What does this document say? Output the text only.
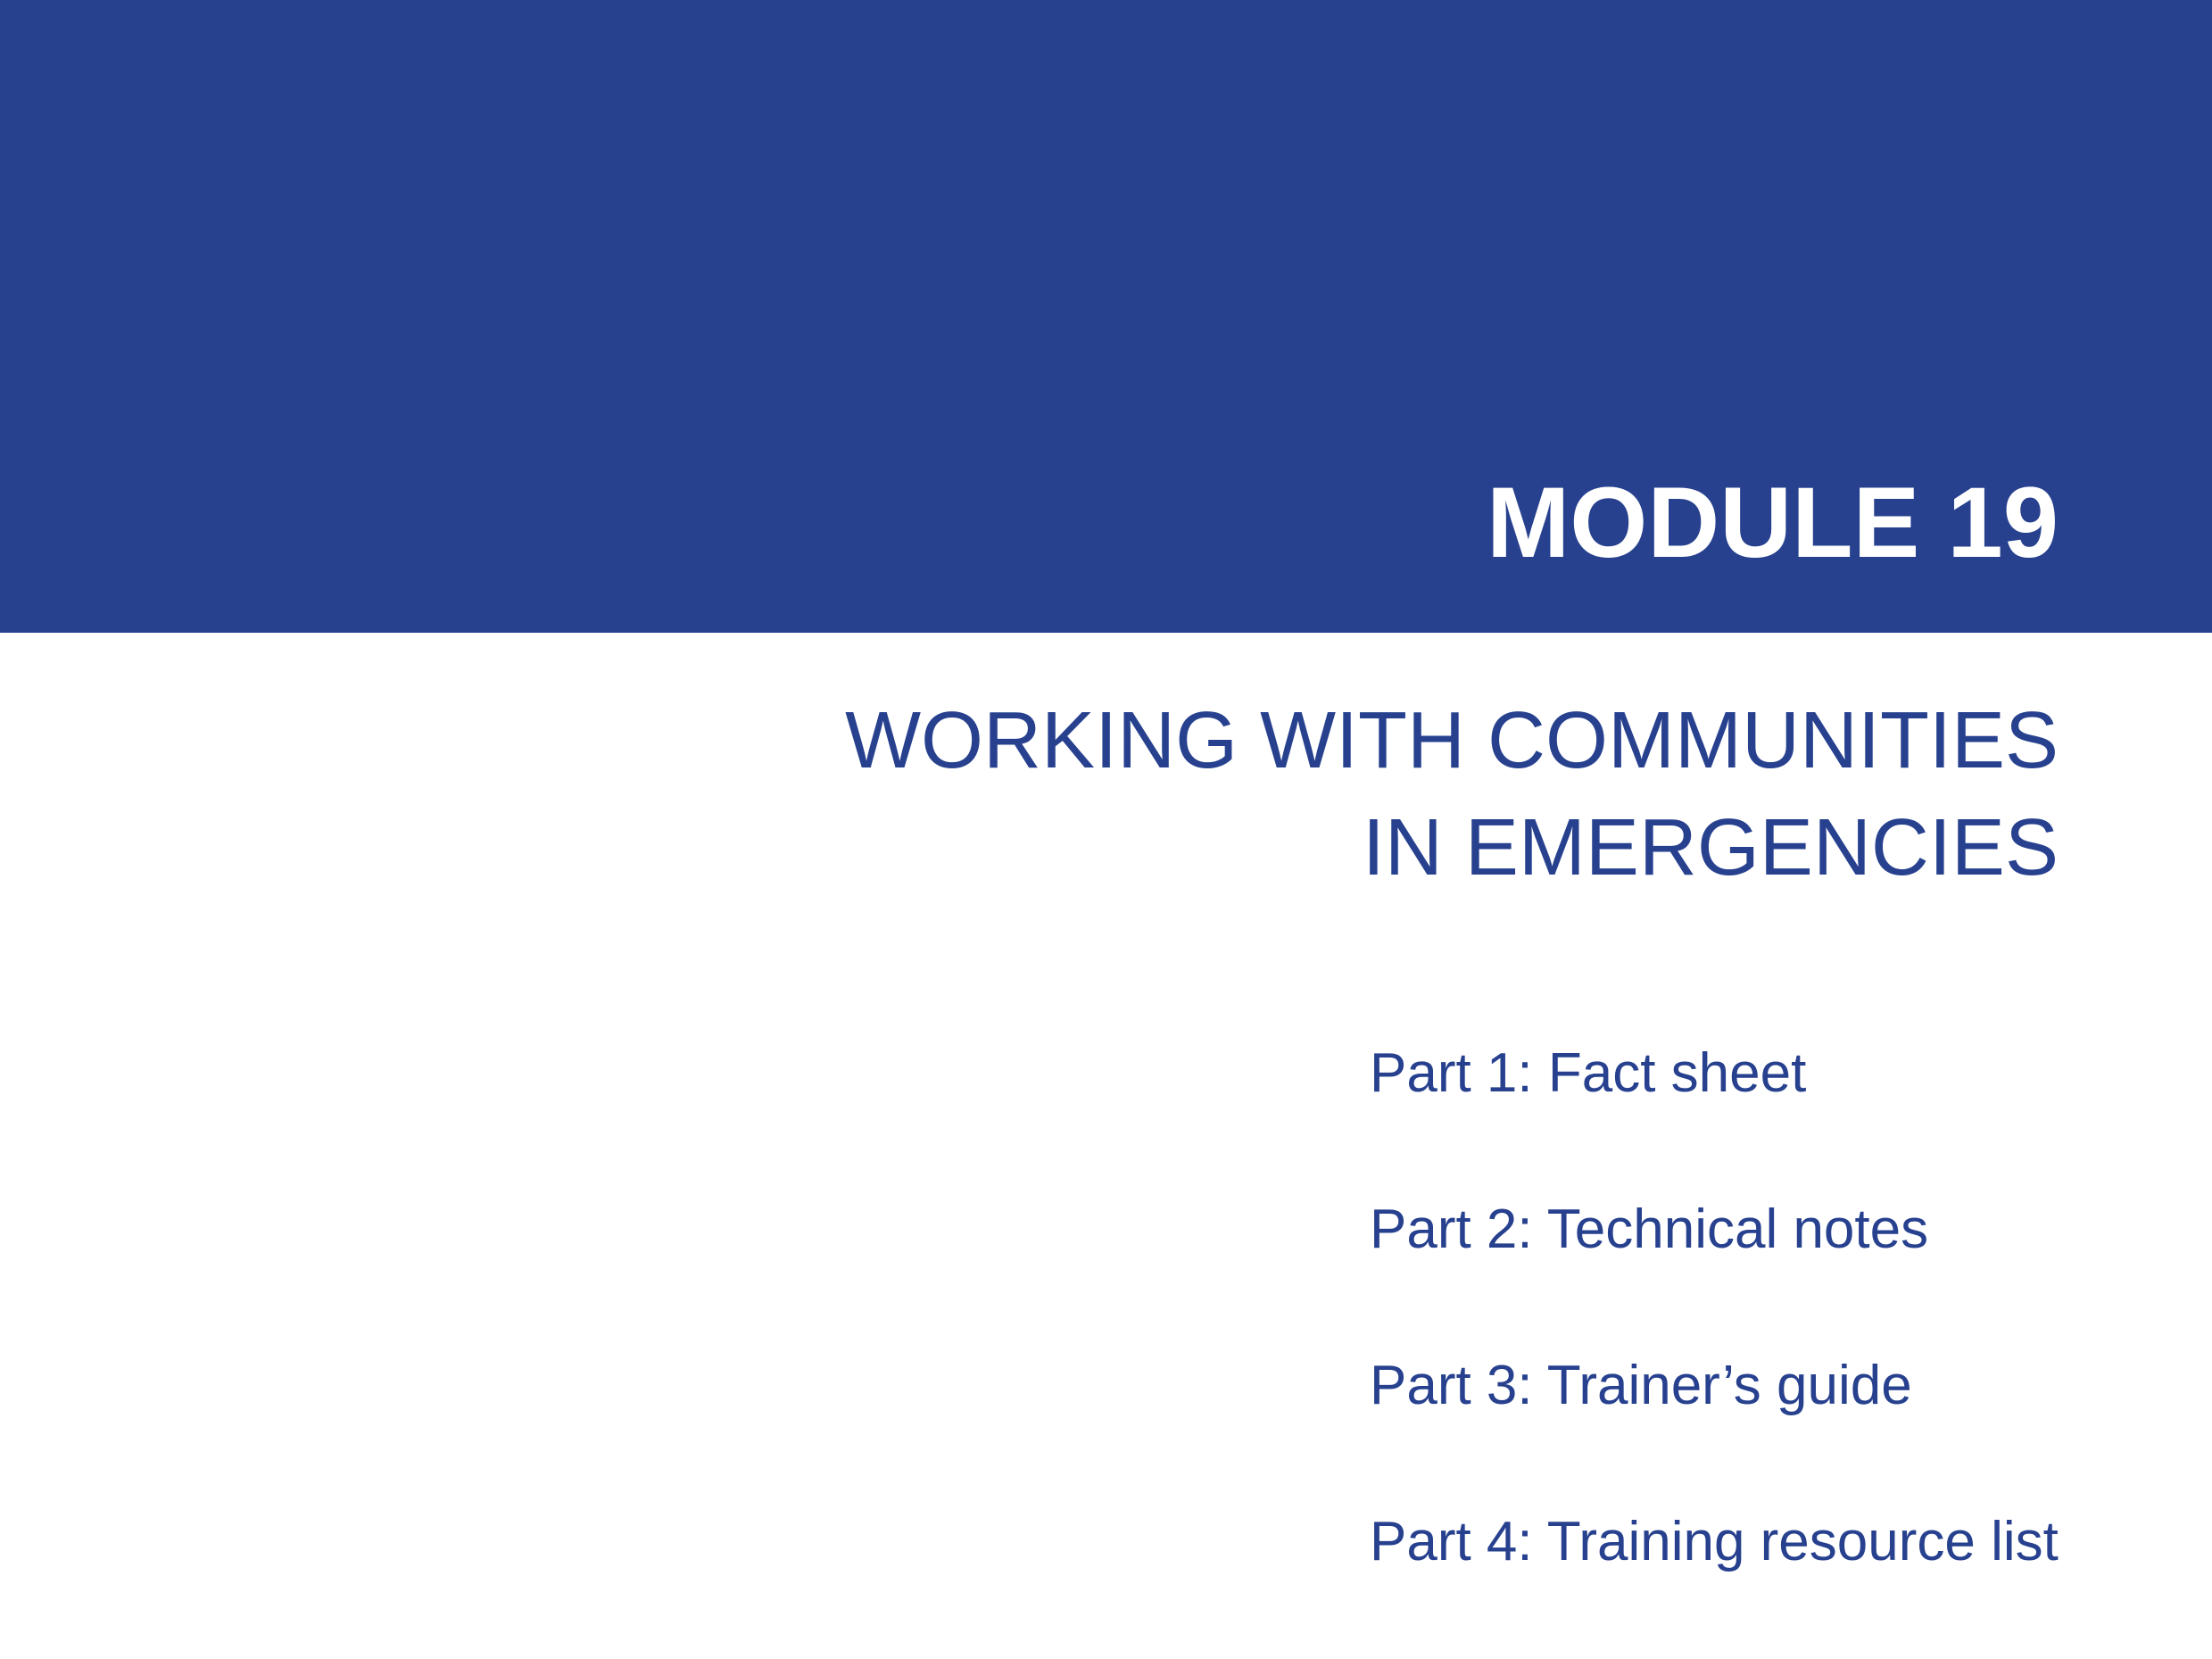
MODULE 19
WORKING WITH COMMUNITIES
IN EMERGENCIES
Part 1: Fact sheet
Part 2: Technical notes
Part 3: Trainer’s guide
Part 4: Training resource list
